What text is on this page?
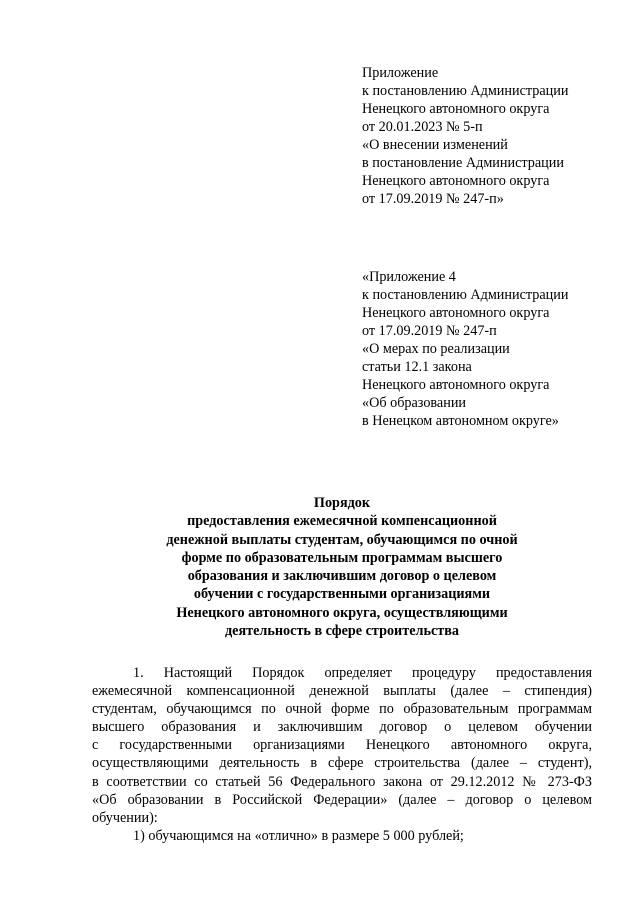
Приложение
к постановлению Администрации
Ненецкого автономного округа
от 20.01.2023 № 5-п
«О внесении изменений
в постановление Администрации
Ненецкого автономного округа
от 17.09.2019 № 247-п»
«Приложение 4
к постановлению Администрации
Ненецкого автономного округа
от 17.09.2019 № 247-п
«О мерах по реализации
статьи 12.1 закона
Ненецкого автономного округа
«Об образовании
в Ненецком автономном округе»
Порядок
предоставления ежемесячной компенсационной
денежной выплаты студентам, обучающимся по очной
форме по образовательным программам высшего
образования и заключившим договор о целевом
обучении с государственными организациями
Ненецкого автономного округа, осуществляющими
деятельность в сфере строительства
1. Настоящий Порядок определяет процедуру предоставления
ежемесячной компенсационной денежной выплаты (далее – стипендия)
студентам, обучающимся по очной форме по образовательным программам
высшего образования и заключившим договор о целевом обучении
с государственными организациями Ненецкого автономного округа,
осуществляющими деятельность в сфере строительства (далее – студент),
в соответствии со статьей 56 Федерального закона от 29.12.2012 № 273-ФЗ
«Об образовании в Российской Федерации» (далее – договор о целевом
обучении):
1) обучающимся на «отлично» в размере 5 000 рублей;
